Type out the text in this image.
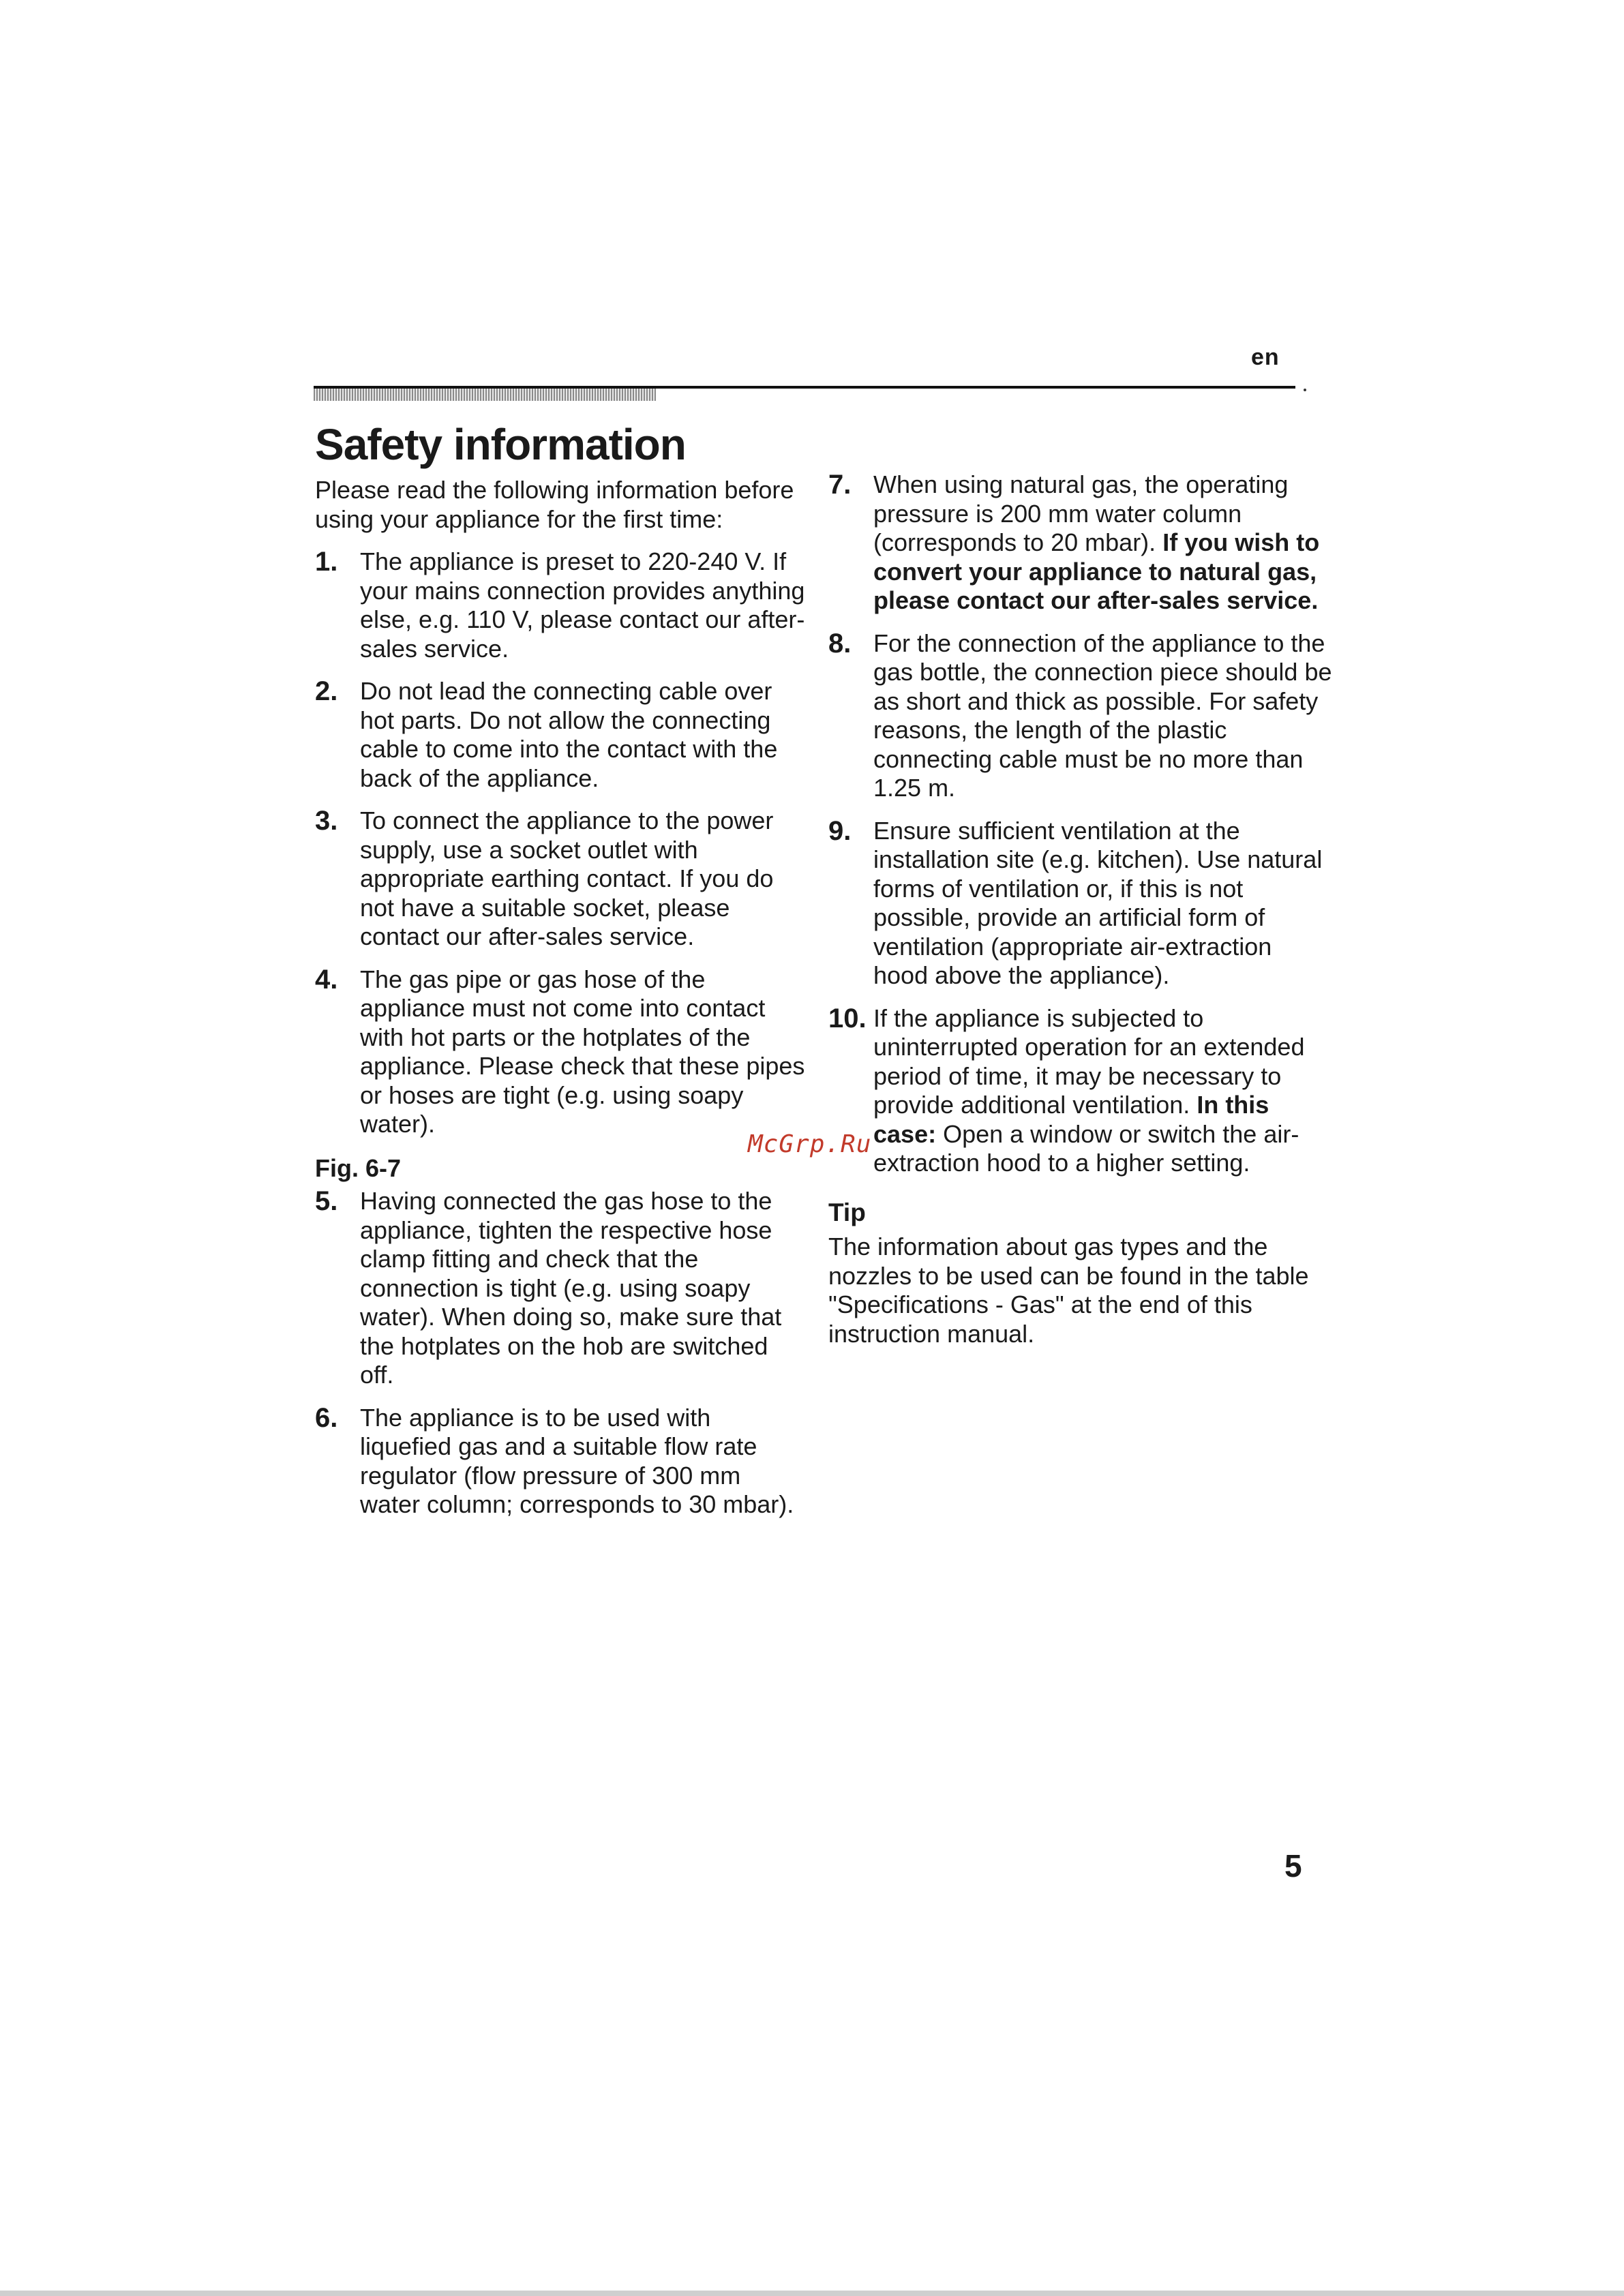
en
Safety information

Please read the following information before using your appliance for the first time:

1. The appliance is preset to 220-240 V. If your mains connection provides anything else, e.g. 110 V, please contact our after-sales service.
2. Do not lead the connecting cable over hot parts. Do not allow the connecting cable to come into the contact with the back of the appliance.
3. To connect the appliance to the power supply, use a socket outlet with appropriate earthing contact. If you do not have a suitable socket, please contact our after-sales service.
4. The gas pipe or gas hose of the appliance must not come into contact with hot parts or the hotplates of the appliance. Please check that these pipes or hoses are tight (e.g. using soapy water).
Fig. 6-7
5. Having connected the gas hose to the appliance, tighten the respective hose clamp fitting and check that the connection is tight (e.g. using soapy water). When doing so, make sure that the hotplates on the hob are switched off.
6. The appliance is to be used with liquefied gas and a suitable flow rate regulator (flow pressure of 300 mm water column; corresponds to 30 mbar).
7. When using natural gas, the operating pressure is 200 mm water column (corresponds to 20 mbar). If you wish to convert your appliance to natural gas, please contact our after-sales service.
8. For the connection of the appliance to the gas bottle, the connection piece should be as short and thick as possible. For safety reasons, the length of the plastic connecting cable must be no more than 1.25 m.
9. Ensure sufficient ventilation at the installation site (e.g. kitchen). Use natural forms of ventilation or, if this is not possible, provide an artificial form of ventilation (appropriate air-extraction hood above the appliance).
10. If the appliance is subjected to uninterrupted operation for an extended period of time, it may be necessary to provide additional ventilation. In this case: Open a window or switch the air-extraction hood to a higher setting.
Tip

The information about gas types and the nozzles to be used can be found in the table "Specifications - Gas" at the end of this instruction manual.

McGrp.Ru
5
